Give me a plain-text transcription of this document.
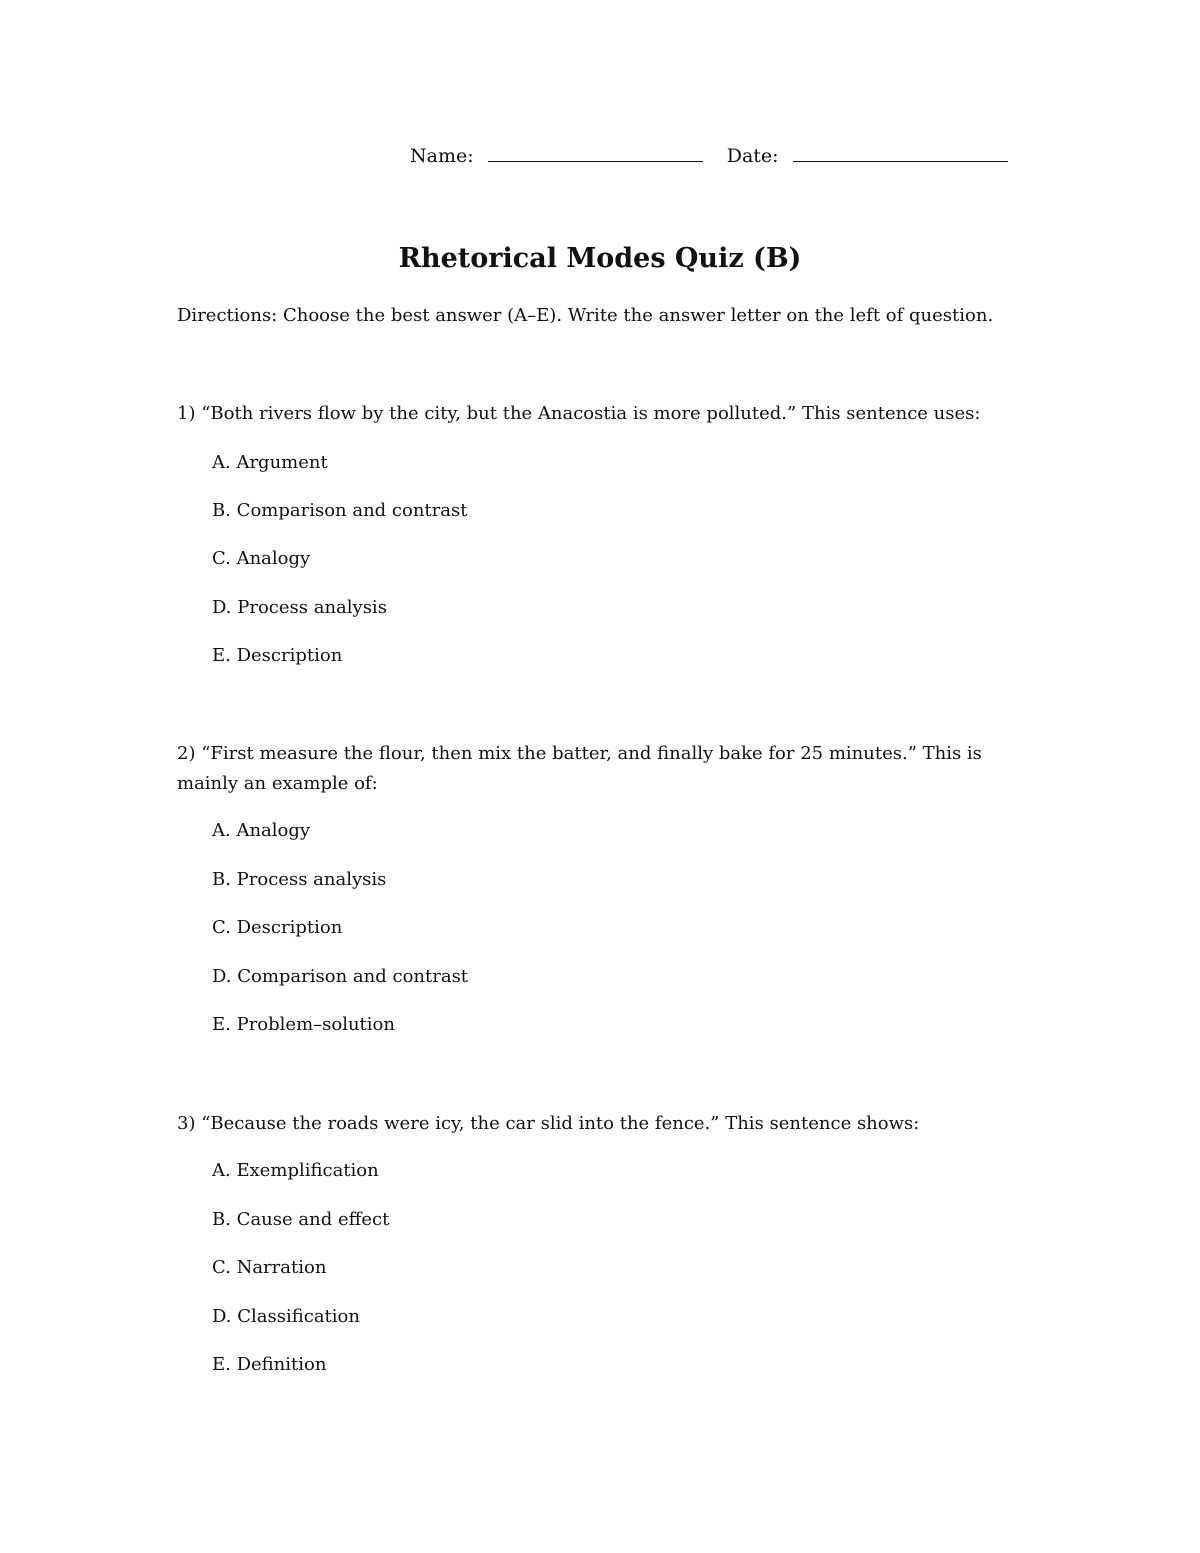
Name:	Date:
Rhetorical Modes Quiz (B)
Directions: Choose the best answer (A–E). Write the answer letter on the left of question.
1) “Both rivers flow by the city, but the Anacostia is more polluted.” This sentence uses:
A. Argument
B. Comparison and contrast
C. Analogy
D. Process analysis
E. Description
2) “First measure the flour, then mix the batter, and finally bake for 25 minutes.” This is mainly an example of:
A. Analogy
B. Process analysis
C. Description
D. Comparison and contrast
E. Problem–solution
3) “Because the roads were icy, the car slid into the fence.” This sentence shows:
A. Exemplification
B. Cause and effect
C. Narration
D. Classification
E. Definition
